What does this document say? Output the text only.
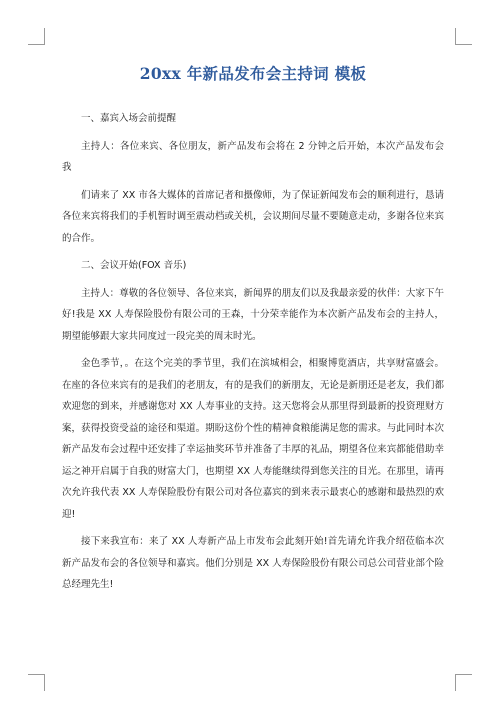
20xx 年新品发布会主持词 模板

一、嘉宾入场会前提醒

主持人：各位来宾、各位朋友，新产品发布会将在 2 分钟之后开始，本次产品发布会我

们请来了 XX 市各大媒体的首席记者和摄像师，为了保证新闻发布会的顺利进行，恳请各位来宾将我们的手机暂时调至震动档或关机，会议期间尽量不要随意走动，多谢各位来宾的合作。

二、会议开始(FOX 音乐)

主持人：尊敬的各位领导、各位来宾，新闻界的朋友们以及我最亲爱的伙伴：大家下午好!我是 XX 人寿保险股份有限公司的王森，十分荣幸能作为本次新产品发布会的主持人，期望能够跟大家共同度过一段完美的周末时光。

金色季节，。在这个完美的季节里，我们在滨城相会，相聚博览酒店，共享财富盛会。在座的各位来宾有的是我们的老朋友，有的是我们的新朋友，无论是新朋还是老友，我们都欢迎您的到来，并感谢您对 XX 人寿事业的支持。这天您将会从那里得到最新的投资理财方案，获得投资受益的途径和渠道。期盼这份个性的精神食粮能满足您的需求。与此同时本次新产品发布会过程中还安排了幸运抽奖环节并准备了丰厚的礼品，期望各位来宾都能借助幸运之神开启属于自我的财富大门，也期望 XX 人寿能继续得到您关注的目光。在那里，请再次允许我代表 XX 人寿保险股份有限公司对各位嘉宾的到来表示最衷心的感谢和最热烈的欢迎!

接下来我宣布：来了 XX 人寿新产品上市发布会此刻开始!首先请允许我介绍莅临本次新产品发布会的各位领导和嘉宾。他们分别是 XX 人寿保险股份有限公司总公司营业部个险总经理先生!
